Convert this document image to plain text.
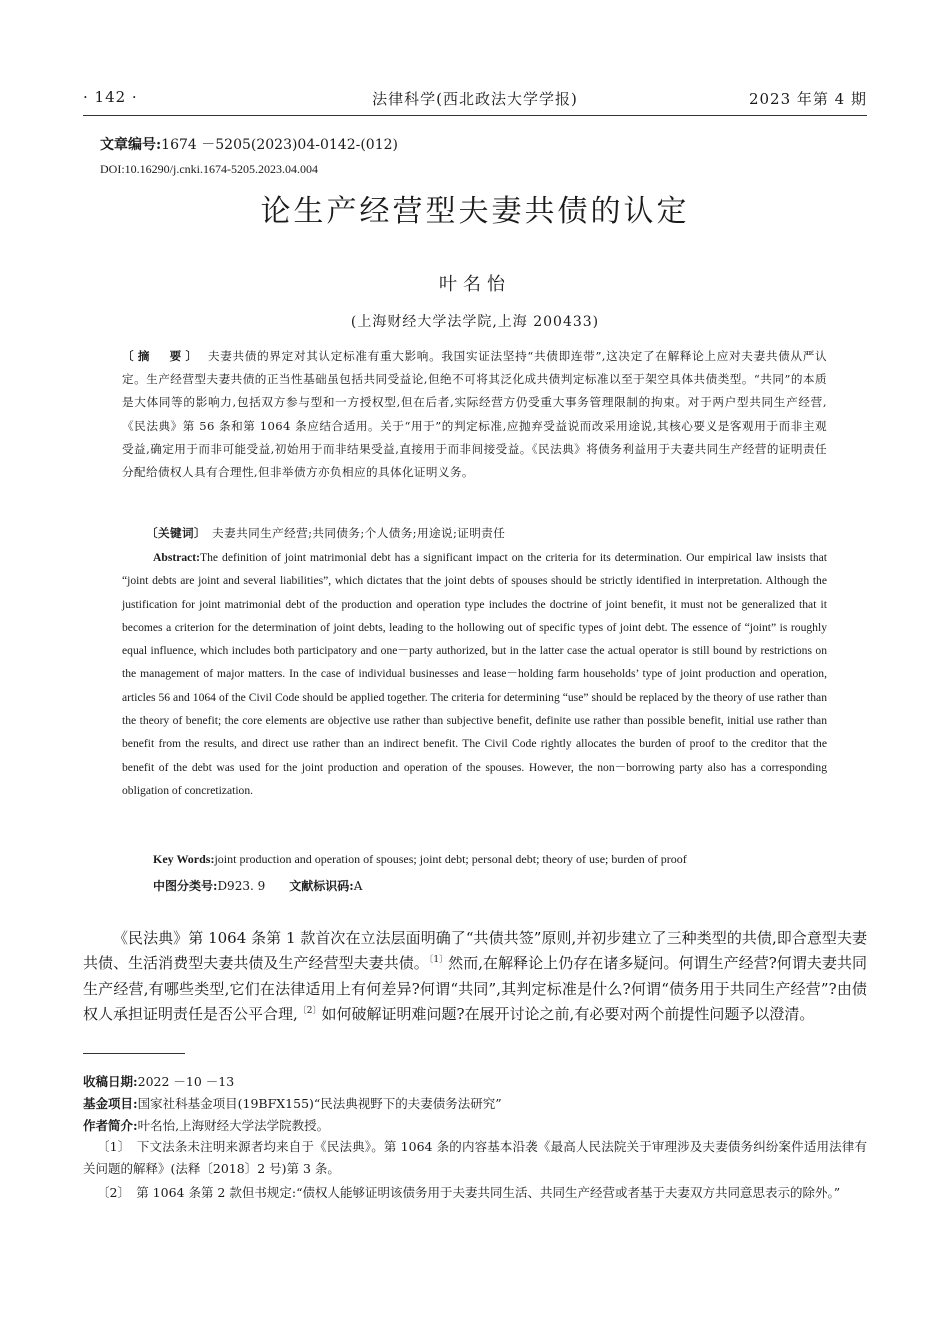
· 142 ·	法律科学(西北政法大学学报)	2023 年第 4 期
文章编号:1674 －5205(2023)04-0142-(012)
DOI:10.16290/j.cnki.1674-5205.2023.04.004
论生产经营型夫妻共债的认定
叶名怡
(上海财经大学法学院,上海 200433)
〔摘　要〕　 夫妻共债的界定对其认定标准有重大影响。我国实证法坚持“共债即连带”,这决定了在解释论上应对夫妻共债从严认定。生产经营型夫妻共债的正当性基础虽包括共同受益论,但绝不可将其泛化成共债判定标准以至于架空具体共债类型。“共同”的本质是大体同等的影响力,包括双方参与型和一方授权型,但在后者,实际经营方仍受重大事务管理限制的拘束。对于两户型共同生产经营,《民法典》第 56 条和第 1064 条应结合适用。关于“用于”的判定标准,应抛弃受益说而改采用途说,其核心要义是客观用于而非主观受益,确定用于而非可能受益,初始用于而非结果受益,直接用于而非间接受益。《民法典》将债务利益用于夫妻共同生产经营的证明责任分配给债权人具有合理性,但非举债方亦负相应的具体化证明义务。
〔关键词〕　 夫妻共同生产经营;共同债务;个人债务;用途说;证明责任
Abstract:The definition of joint matrimonial debt has a significant impact on the criteria for its determination. Our empirical law insists that “joint debts are joint and several liabilities”, which dictates that the joint debts of spouses should be strictly identified in interpretation. Although the justification for joint matrimonial debt of the production and operation type includes the doctrine of joint benefit, it must not be generalized that it becomes a criterion for the determination of joint debts, leading to the hollowing out of specific types of joint debt. The essence of “joint” is roughly equal influence, which includes both participatory and one－party authorized, but in the latter case the actual operator is still bound by restrictions on the management of major matters. In the case of individual businesses and lease－holding farm households’ type of joint production and operation, articles 56 and 1064 of the Civil Code should be applied together. The criteria for determining “use” should be replaced by the theory of use rather than the theory of benefit; the core elements are objective use rather than subjective benefit, definite use rather than possible benefit, initial use rather than benefit from the results, and direct use rather than an indirect benefit. The Civil Code rightly allocates the burden of proof to the creditor that the benefit of the debt was used for the joint production and operation of the spouses. However, the non－borrowing party also has a corresponding obligation of concretization.
Key Words:joint production and operation of spouses; joint debt; personal debt; theory of use; burden of proof
中图分类号:D923. 9　　 文献标识码:A
《民法典》第 1064 条第 1 款首次在立法层面明确了“共债共签”原则,并初步建立了三种类型的共债,即合意型夫妻共债、生活消费型夫妻共债及生产经营型夫妻共债。$^{〔1〕}$然而,在解释论上仍存在诸多疑问。何谓生产经营?何谓夫妻共同生产经营,有哪些类型,它们在法律适用上有何差异?何谓“共同”,其判定标准是什么?何谓“债务用于共同生产经营”?由债权人承担证明责任是否公平合理,$^{〔2〕}$如何破解证明难问题?在展开讨论之前,有必要对两个前提性问题予以澄清。
收稿日期:2022 －10 －13
基金项目:国家社科基金项目(19BFX155)“民法典视野下的夫妻债务法研究”
作者简介:叶名怡,上海财经大学法学院教授。
〔1〕　下文法条未注明来源者均来自于《民法典》。第 1064 条的内容基本沿袭《最高人民法院关于审理涉及夫妻债务纠纷案件适用法律有关问题的解释》(法释〔2018〕2 号)第 3 条。
〔2〕　第 1064 条第 2 款但书规定:“债权人能够证明该债务用于夫妻共同生活、共同生产经营或者基于夫妻双方共同意思表示的除外。”
